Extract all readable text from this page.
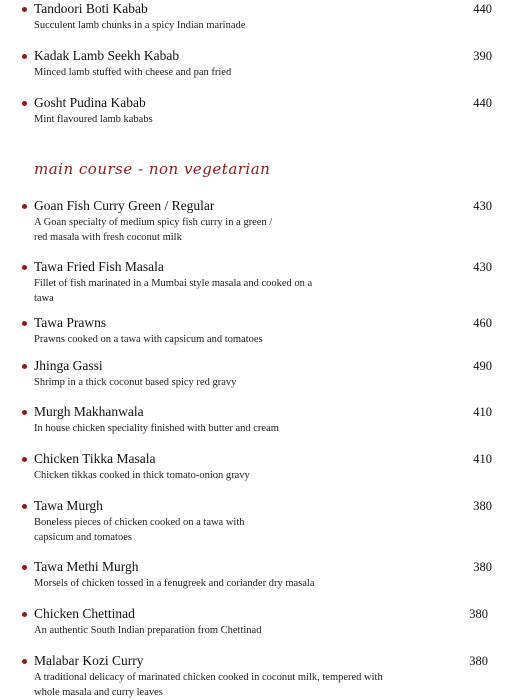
Tandoori Boti Kabab	440
Succulent lamb chunks in a spicy Indian marinade
Kadak Lamb Seekh Kabab	390
Minced lamb stuffed with cheese and pan fried
Gosht Pudina Kabab	440
Mint flavoured lamb kababs
main course - non vegetarian
Goan Fish Curry Green / Regular	430
A Goan specialty of medium spicy fish curry in a green / red masala with fresh coconut milk
Tawa Fried Fish Masala	430
Fillet of fish marinated in a Mumbai style masala and cooked on a tawa
Tawa Prawns	460
Prawns cooked on a tawa with capsicum and tomatoes
Jhinga Gassi	490
Shrimp in a thick coconut based spicy red gravy
Murgh Makhanwala	410
In house chicken speciality finished with butter and cream
Chicken Tikka Masala	410
Chicken tikkas cooked in thick tomato-onion gravy
Tawa Murgh	380
Boneless pieces of chicken cooked on a tawa with capsicum and tomatoes
Tawa Methi Murgh	380
Morsels of chicken tossed in a fenugreek and coriander dry masala
Chicken Chettinad	380
An authentic South Indian preparation from Chettinad
Malabar Kozi Curry	380
A traditional delicacy of marinated chicken cooked in coconut milk, tempered with whole masala and curry leaves
